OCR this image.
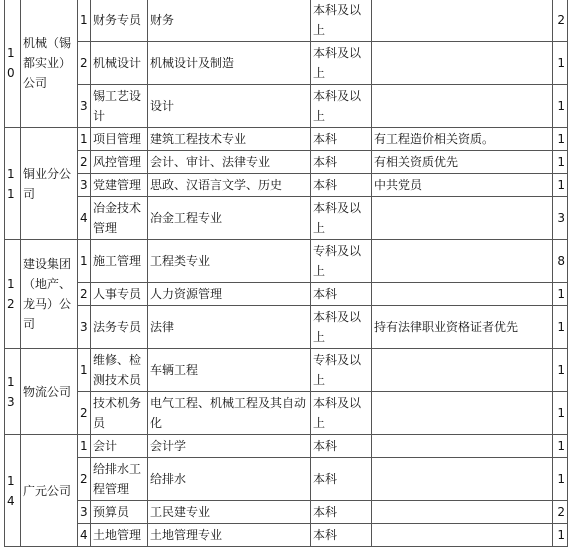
10	机械（锡都实业）公司	1	财务专员	财务	本科及以上		2
		2	机械设计	机械设计及制造	本科及以上		1
		3	锡工艺设计	设计	本科及以上		1
11	铜业分公司	1	项目管理	建筑工程技术专业	本科	有工程造价相关资质。	1
		2	风控管理	会计、审计、法律专业	本科	有相关资质优先	1
		3	党建管理	思政、汉语言文学、历史	本科	中共党员	1
		4	冶金技术管理	冶金工程专业	本科及以上		3
12	建设集团（地产、龙马）公司	1	施工管理	工程类专业	专科及以上		8
		2	人事专员	人力资源管理	本科		1
		3	法务专员	法律	本科及以上	持有法律职业资格证者优先	1
13	物流公司	1	维修、检测技术员	车辆工程	专科及以上		1
		2	技术机务员	电气工程、机械工程及其自动化	本科及以上		1
14	广元公司	1	会计	会计学	本科		1
		2	给排水工程管理	给排水	本科		1
		3	预算员	工民建专业	本科		2
		4	土地管理	土地管理专业	本科		1
